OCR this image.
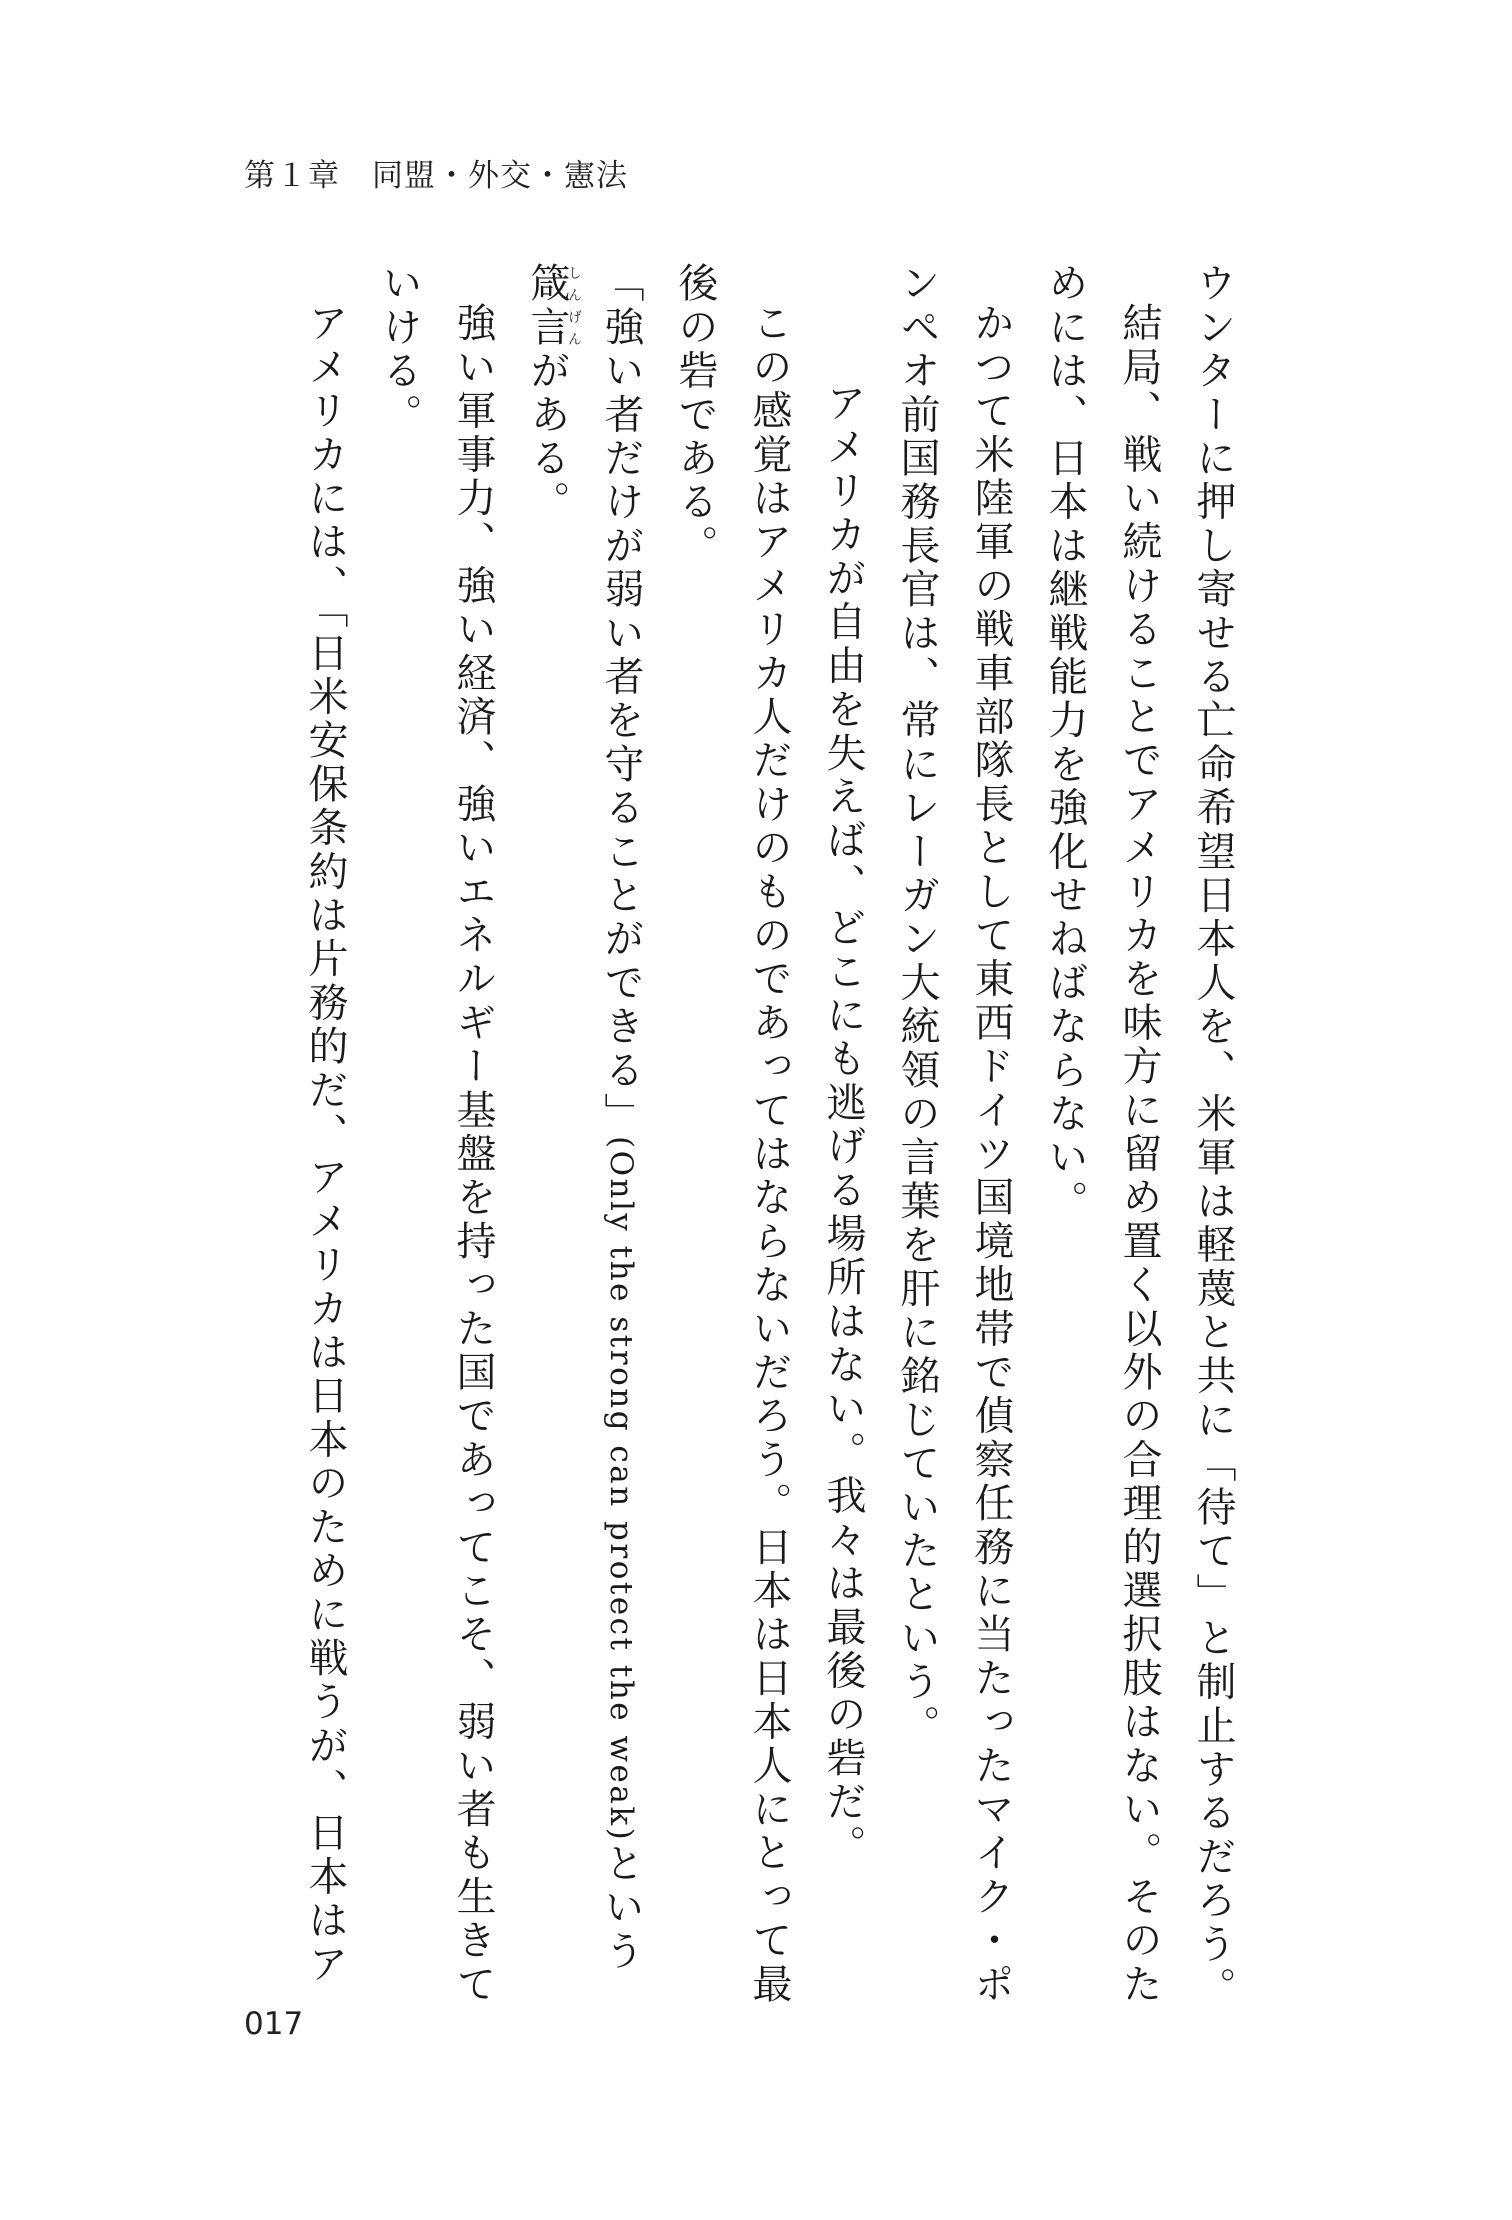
第１章　同盟・外交・憲法
ウンターに押し寄せる亡命希望日本人を、米軍は軽蔑と共に「待て」と制止するだろう。
結局、戦い続けることでアメリカを味方に留め置く以外の合理的選択肢はない。そのた
めには、日本は継戦能力を強化せねばならない。
かつて米陸軍の戦車部隊長として東西ドイツ国境地帯で偵察任務に当たったマイク・ポ
ンペオ前国務長官は、常にレーガン大統領の言葉を肝に銘じていたという。
アメリカが自由を失えば、どこにも逃げる場所はない。我々は最後の砦だ。
この感覚はアメリカ人だけのものであってはならないだろう。日本は日本人にとって最
後の砦である。
「強い者だけが弱い者を守ることができる」(Only the strong can protect the weak)という
箴しん言げんがある。
強い軍事力、強い経済、強いエネルギー基盤を持った国であってこそ、弱い者も生きて
いける。
アメリカには、「日米安保条約は片務的だ、アメリカは日本のために戦うが、日本はア
017
